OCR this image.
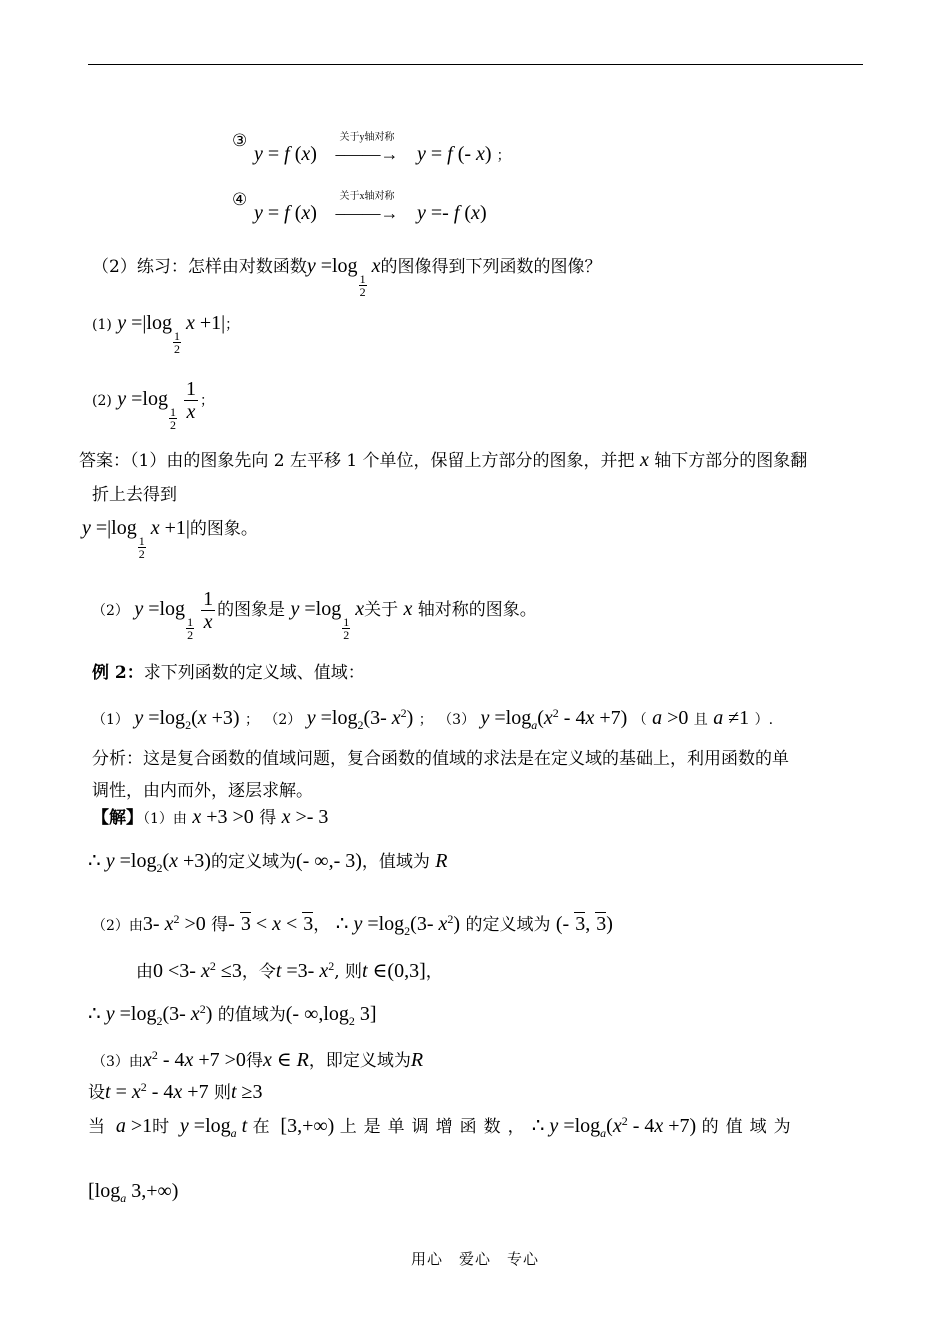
③
y = f (x)
关于y轴对称
–——→ y = f (- x) ；
④
y = f (x)
关于x轴对称
–——→ y =- f (x)
（2）练习：怎样由对数函数y =log
$\frac{1}{2}$
x的图像得到下列函数的图像？
(1) y =|log
$\frac{1}{2}$
x +1|；
(2) y =log
$\frac{1}{2} \frac{1}{x}$ ；
答案：（1）由的图象先向 2 左平移 1 个单位，保留上方部分的图象，并把 x 轴下方部分的图象翻
折上去得到
y =|log
$\frac{1}{2}$
x +1|的图象。
（2） y =log
$\frac{1}{2} \frac{1}{x}$ 的图象是 y =log
$\frac{1}{2}$
x关于 x 轴对称的图象。
例 2：求下列函数的定义域、值域：
（1） $y =\log_2(x +3)$ ； （2） $y =\log_2(3-$ $x^2$) ； （3） $y =\log_a(x^2 - 4x +7)$ （ a >0 且 a ≠1 ）.
分析：这是复合函数的值域问题，复合函数的值域的求法是在定义域的基础上，利用函数的单
调性，由内而外，逐层求解。
【解】（1）由 x +3 >0 得 x >- 3
∴ $y =\log_2(x +3)$的定义域为(- ∞,- 3)，值域为 R
（2）由3- $x^2 >0$ 得- 3 < x < 3， ∴ $y =\log_2(3-$ $x^2$) 的定义域为 (- 3, 3)
由0 <3- $x^2 \le 3$，令t =3- $x^2$, 则t ∈(0,3]，
∴ $y =\log_2(3-$ $x^2$) 的值域为(- $\infty,\log_2$ 3]
（3）由$x^2 - 4x +7 >0$得x ∈ R，即定义域为R
设$t = x^2 - 4x +7$ 则t ≥3
当 a >1时 $y =\log_a$ t 在 [3,+∞) 上是单调增函数，∴ $y =\log_a(x^2 - 4x +7)$ 的值域为
[$\log_a$ 3,+∞)
用心　爱心　专心
